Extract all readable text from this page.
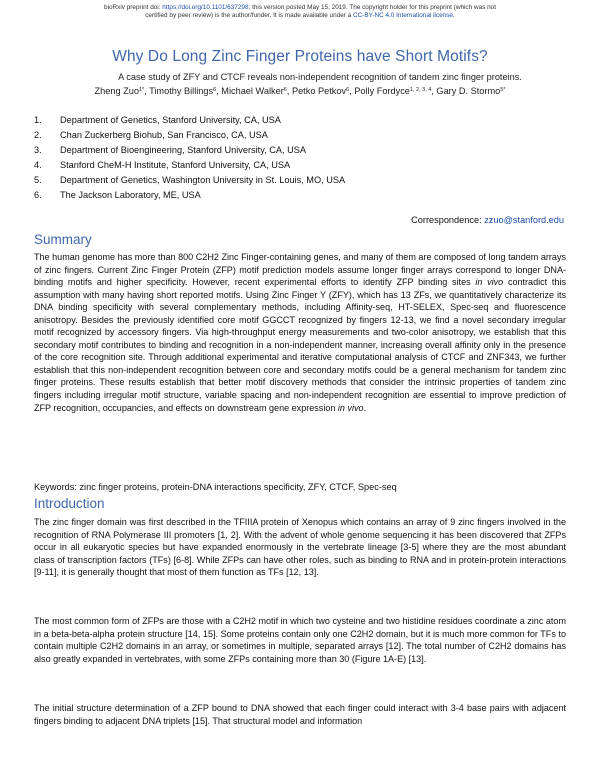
bioRxiv preprint doi: https://doi.org/10.1101/637298; this version posted May 15, 2019. The copyright holder for this preprint (which was not
certified by peer review) is the author/funder. It is made available under a CC-BY-NC 4.0 International license.
Why Do Long Zinc Finger Proteins have Short Motifs?
A case study of ZFY and CTCF reveals non-independent recognition of tandem zinc finger proteins.
Zheng Zuo$^{1*}$, Timothy Billings$^6$, Michael Walker$^6$, Petko Petkov$^6$, Polly Fordyce$^{1, 2, 3, 4}$, Gary D. Stormo$^{5*}$
1.	Department of Genetics, Stanford University, CA, USA
2.	Chan Zuckerberg Biohub, San Francisco, CA, USA
3.	Department of Bioengineering, Stanford University, CA, USA
4.	Stanford CheM-H Institute, Stanford University, CA, USA
5.	Department of Genetics, Washington University in St. Louis, MO, USA
6.	The Jackson Laboratory, ME, USA
Correspondence: zzuo@stanford.edu
Summary

The human genome has more than 800 C2H2 Zinc Finger-containing genes, and many of them are composed of long tandem arrays of zinc fingers. Current Zinc Finger Protein (ZFP) motif prediction models assume longer finger arrays correspond to longer DNA-binding motifs and higher specificity. However, recent experimental efforts to identify ZFP binding sites in vivo contradict this assumption with many having short reported motifs. Using Zinc Finger Y (ZFY), which has 13 ZFs, we quantitatively characterize its DNA binding specificity with several complementary methods, including Affinity-seq, HT-SELEX, Spec-seq and fluorescence anisotropy. Besides the previously identified core motif GGCCT recognized by fingers 12-13, we find a novel secondary irregular motif recognized by accessory fingers. Via high-throughput energy measurements and two-color anisotropy, we establish that this secondary motif contributes to binding and recognition in a non-independent manner, increasing overall affinity only in the presence of the core recognition site. Through additional experimental and iterative computational analysis of CTCF and ZNF343, we further establish that this non-independent recognition between core and secondary motifs could be a general mechanism for tandem zinc finger proteins. These results establish that better motif discovery methods that consider the intrinsic properties of tandem zinc fingers including irregular motif structure, variable spacing and non-independent recognition are essential to improve prediction of ZFP recognition, occupancies, and effects on downstream gene expression in vivo.

Keywords: zinc finger proteins, protein-DNA interactions specificity, ZFY, CTCF, Spec-seq
Introduction

The zinc finger domain was first described in the TFIIIA protein of Xenopus which contains an array of 9 zinc fingers involved in the recognition of RNA Polymerase III promoters [1, 2]. With the advent of whole genome sequencing it has been discovered that ZFPs occur in all eukaryotic species but have expanded enormously in the vertebrate lineage [3-5] where they are the most abundant class of transcription factors (TFs) [6-8]. While ZFPs can have other roles, such as binding to RNA and in protein-protein interactions [9-11], it is generally thought that most of them function as TFs [12, 13].

The most common form of ZFPs are those with a C2H2 motif in which two cysteine and two histidine residues coordinate a zinc atom in a beta-beta-alpha protein structure [14, 15]. Some proteins contain only one C2H2 domain, but it is much more common for TFs to contain multiple C2H2 domains in an array, or sometimes in multiple, separated arrays [12]. The total number of C2H2 domains has also greatly expanded in vertebrates, with some ZFPs containing more than 30 (Figure 1A-E) [13].

The initial structure determination of a ZFP bound to DNA showed that each finger could interact with 3-4 base pairs with adjacent fingers binding to adjacent DNA triplets [15]. That structural model and information
